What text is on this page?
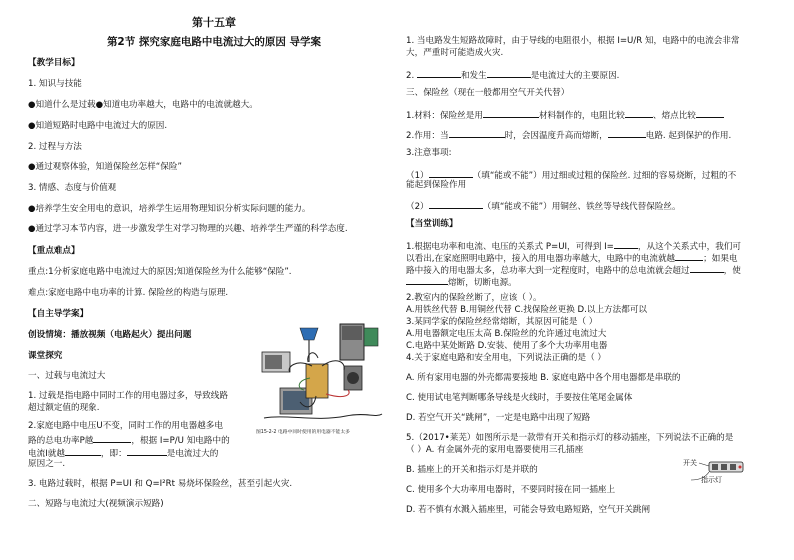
第十五章
第2节 探究家庭电路中电流过大的原因 导学案
【教学目标】
1. 知识与技能
●知道什么是过载●知道电功率越大，电路中的电流就越大。
●知道短路时电路中电流过大的原因.
2. 过程与方法
●通过观察体验，知道保险丝怎样“保险”
3. 情感、态度与价值观
●培养学生安全用电的意识，培养学生运用物理知识分析实际问题的能力。
●通过学习本节内容，进一步激发学生对学习物理的兴趣、培养学生严谨的科学态度.
【重点难点】
重点:1分析家庭电路中电流过大的原因;知道保险丝为什么能够“保险”.
难点:家庭电路中电功率的计算. 保险丝的构造与原理.
【自主导学案】
创设情境：播放视频（电路起火）提出问题
课堂探究
一、过载与电流过大
1. 过载是指电路中同时工作的用电器过多，导致线路
超过额定值的现象.
2.家庭电路中电压U不变，同时工作的用电器越多电
路的总电功率P越	，根据 I=P/U 知电路中的
电流I就越	，即：	是电流过大的
原因之一.
3. 电路过载时，根据 P=UI 和 Q=I²Rt 易烧坏保险丝，甚至引起火灾.
二、短路与电流过大(视频演示短路)
图15-2-2 电路中同时使用的用电器不能太多
1. 当电路发生短路故障时，由于导线的电阻很小，根据 I=U/R 知，电路中的电流会非常
大，严重时可能造成火灾.
2.	和发生	是电流过大的主要原因.
三、保险丝（现在一般都用空气开关代替）
1.材料：保险丝是用	材料制作的，电阻比较	、熔点比较
2.作用：当	时，会因温度升高而熔断，	电路. 起到保护的作用.
3.注意事项:
（1）	（填“能或不能”）用过细或过粗的保险丝. 过细的容易烧断，过粗的不
能起到保险作用
（2）	（填“能或不能”）用铜丝、铁丝等导线代替保险丝。
【当堂训练】
1.根据电功率和电流、电压的关系式 P=UI，可得到 I=	，从这个关系式中，我们可
以看出,在家庭照明电路中，接入的用电器功率越大，电路中的电流就越	；如果电
路中接入的用电器太多，总功率大到一定程度时，电路中的总电流就会超过	，使
熔断，切断电源。
2.教室内的保险丝断了，应该（ ）。
A.用铁丝代替 B.用铜丝代替 C.找保险丝更换 D.以上方法都可以
3.某同学家的保险丝经常熔断，其原因可能是（ ）
A.用电器额定电压太高 B.保险丝的允许通过电流过大
C.电路中某处断路 D.安装、使用了多个大功率用电器
4.关于家庭电路和安全用电，下列说法正确的是（ ）
A. 所有家用电器的外壳都需要接地 B. 家庭电路中各个用电器都是串联的
C. 使用试电笔判断哪条导线是火线时，手要按住笔尾金属体
D. 若空气开关“跳闸”，一定是电路中出现了短路
5.（2017•莱芜）如图所示是一款带有开关和指示灯的移动插座，下列说法不正确的是
（ ）A. 有金属外壳的家用电器要使用三孔插座
B. 插座上的开关和指示灯是并联的
C. 使用多个大功率用电器时，不要同时接在同一插座上
D. 若不慎有水溅入插座里，可能会导致电路短路，空气开关跳闸
开关
指示灯
